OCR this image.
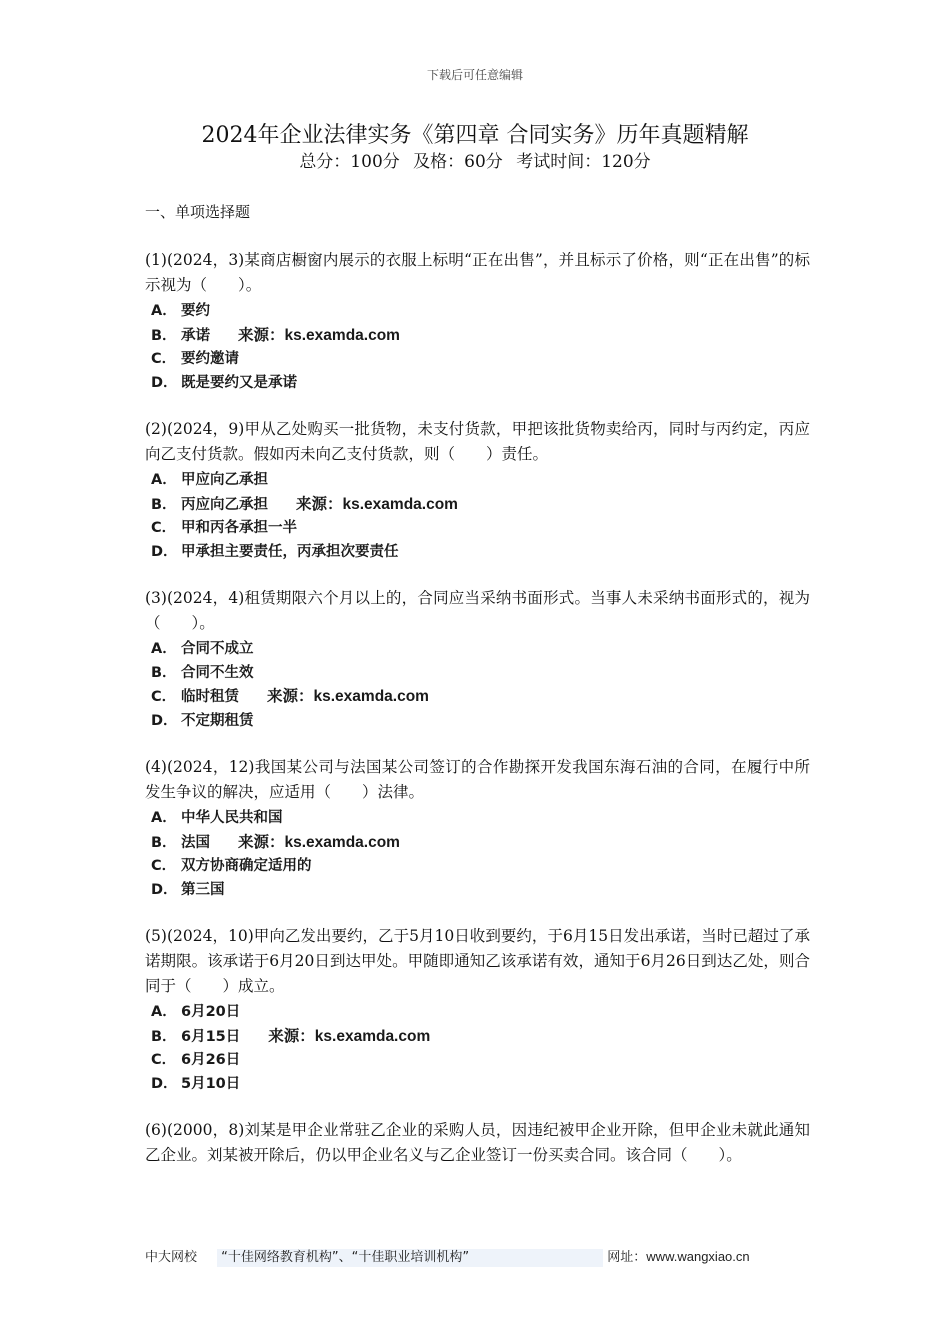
下载后可任意编辑
2024年企业法律实务《第四章 合同实务》历年真题精解
总分：100分 及格：60分 考试时间：120分
一、单项选择题

(1)(2024，3)某商店橱窗内展示的衣服上标明“正在出售”，并且标示了价格，则“正在出售”的标示视为（　　）。

A． 要约
B． 承诺 来源：ks.examda.com
C． 要约邀请
D． 既是要约又是承诺

(2)(2024，9)甲从乙处购买一批货物，未支付货款，甲把该批货物卖给丙，同时与丙约定，丙应向乙支付货款。假如丙未向乙支付货款，则（　　）责任。

A． 甲应向乙承担
B． 丙应向乙承担 来源：ks.examda.com
C． 甲和丙各承担一半
D． 甲承担主要责任，丙承担次要责任

(3)(2024，4)租赁期限六个月以上的，合同应当采纳书面形式。当事人未采纳书面形式的，视为（　　）。

A． 合同不成立
B． 合同不生效
C． 临时租赁 来源：ks.examda.com
D． 不定期租赁

(4)(2024，12)我国某公司与法国某公司签订的合作勘探开发我国东海石油的合同，在履行中所发生争议的解决，应适用（　　）法律。

A． 中华人民共和国
B． 法国 来源：ks.examda.com
C． 双方协商确定适用的
D． 第三国

(5)(2024，10)甲向乙发出要约，乙于5月10日收到要约，于6月15日发出承诺，当时已超过了承诺期限。该承诺于6月20日到达甲处。甲随即通知乙该承诺有效，通知于6月26日到达乙处，则合同于（　　）成立。

A． 6月20日
B． 6月15日 来源：ks.examda.com
C． 6月26日
D． 5月10日

(6)(2000，8)刘某是甲企业常驻乙企业的采购人员，因违纪被甲企业开除，但甲企业未就此通知乙企业。刘某被开除后，仍以甲企业名义与乙企业签订一份买卖合同。该合同（　　）。

中大网校 “十佳网络教育机构”、“十佳职业培训机构”	网址：www.wangxiao.cn
